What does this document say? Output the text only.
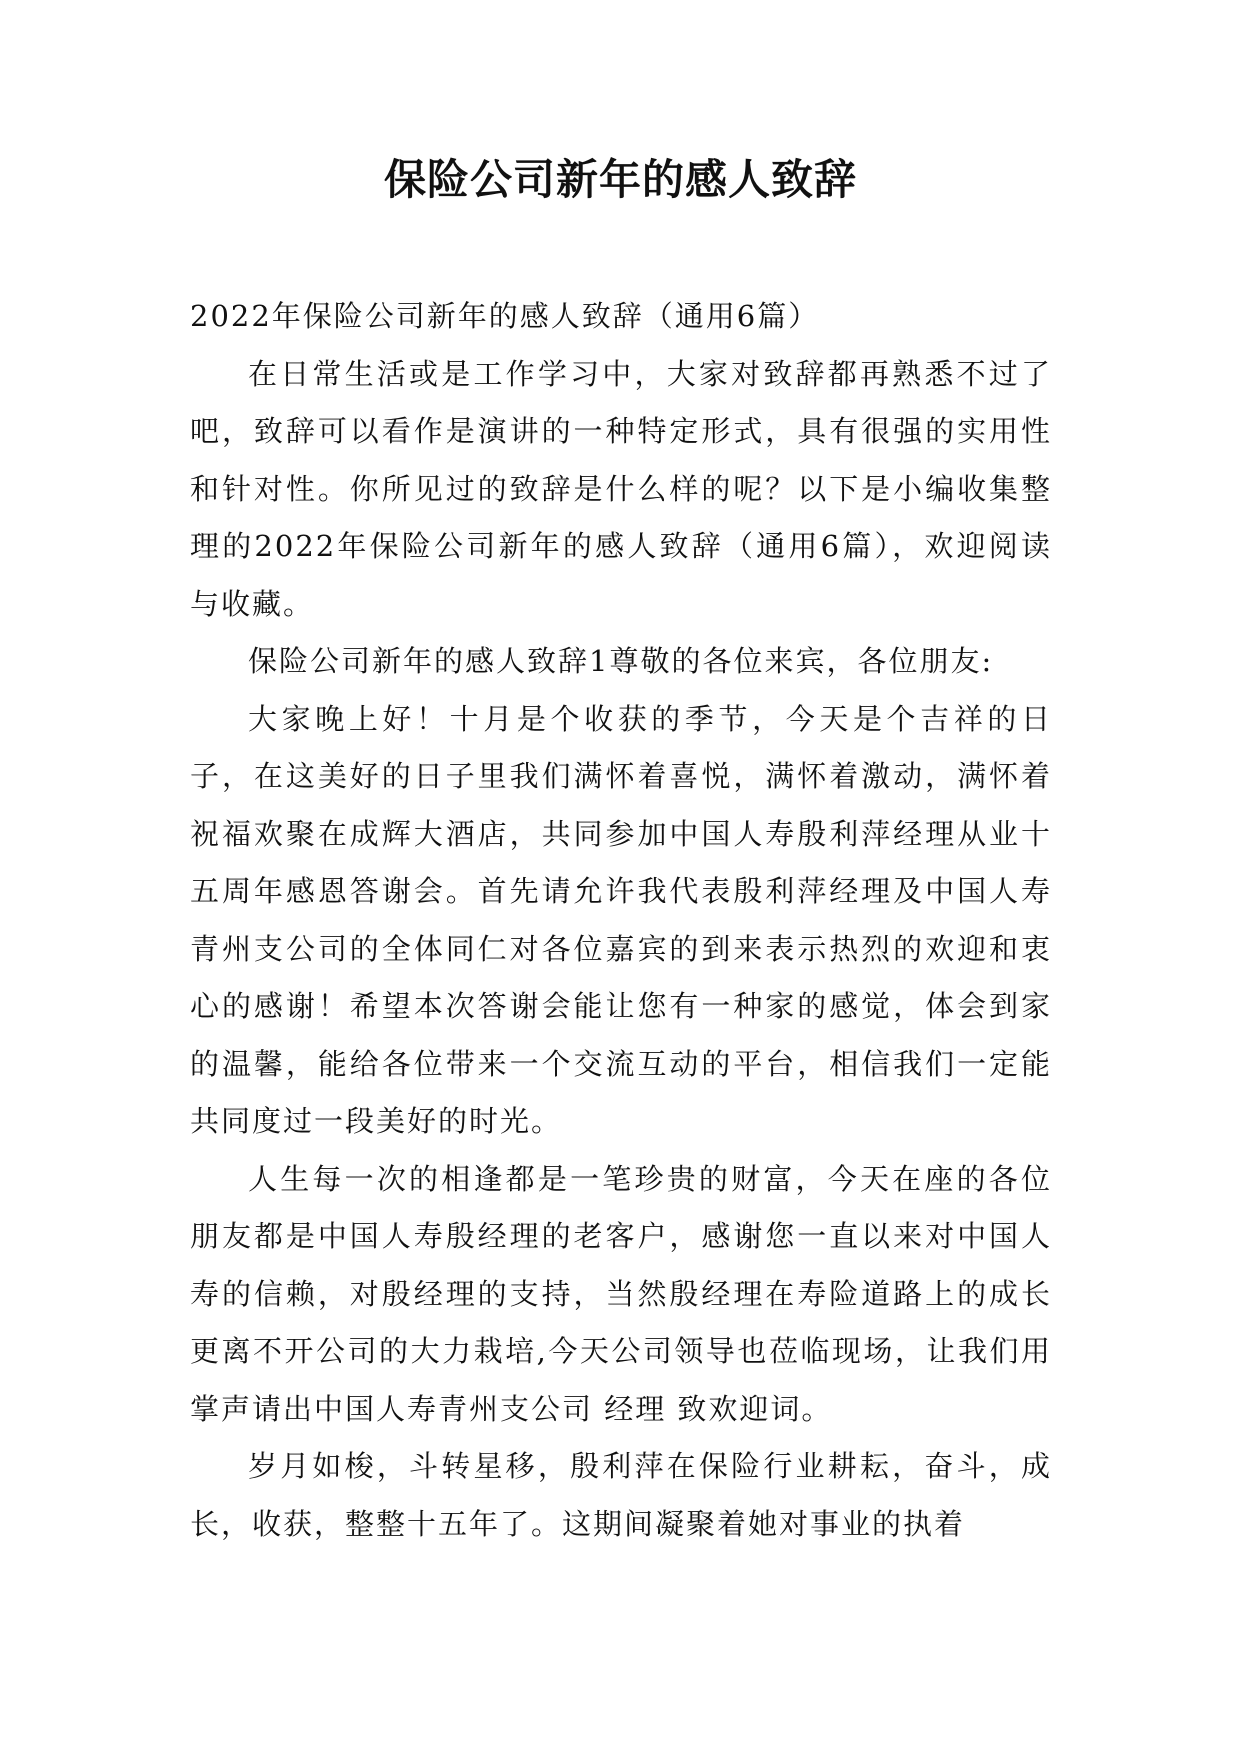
保险公司新年的感人致辞

2022年保险公司新年的感人致辞（通用6篇）

在日常生活或是工作学习中，大家对致辞都再熟悉不过了吧，致辞可以看作是演讲的一种特定形式，具有很强的实用性和针对性。你所见过的致辞是什么样的呢？以下是小编收集整理的2022年保险公司新年的感人致辞（通用6篇），欢迎阅读与收藏。

保险公司新年的感人致辞1尊敬的各位来宾，各位朋友:

大家晚上好！十月是个收获的季节，今天是个吉祥的日子，在这美好的日子里我们满怀着喜悦，满怀着激动，满怀着祝福欢聚在成辉大酒店，共同参加中国人寿殷利萍经理从业十五周年感恩答谢会。首先请允许我代表殷利萍经理及中国人寿青州支公司的全体同仁对各位嘉宾的到来表示热烈的欢迎和衷心的感谢！希望本次答谢会能让您有一种家的感觉，体会到家的温馨，能给各位带来一个交流互动的平台，相信我们一定能共同度过一段美好的时光。

人生每一次的相逢都是一笔珍贵的财富，今天在座的各位朋友都是中国人寿殷经理的老客户，感谢您一直以来对中国人寿的信赖，对殷经理的支持，当然殷经理在寿险道路上的成长更离不开公司的大力栽培,今天公司领导也莅临现场，让我们用掌声请出中国人寿青州支公司 经理 致欢迎词。

岁月如梭，斗转星移，殷利萍在保险行业耕耘，奋斗，成长，收获，整整十五年了。这期间凝聚着她对事业的执着
